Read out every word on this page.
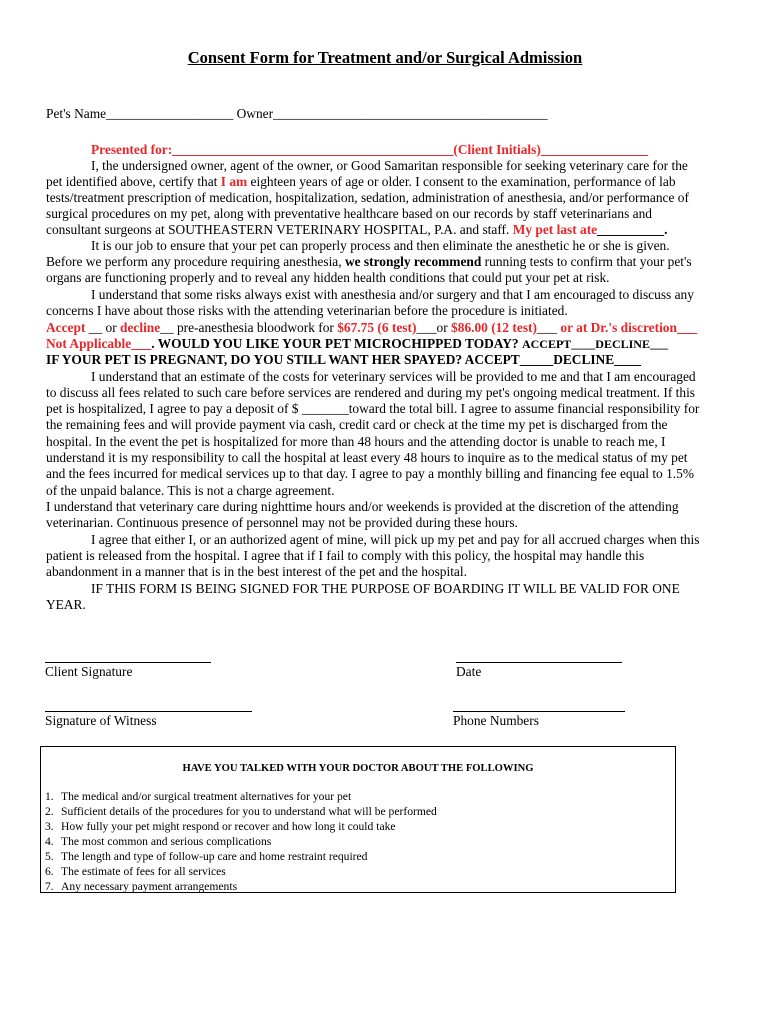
Consent Form for Treatment and/or Surgical Admission
Pet's Name___________________ Owner_________________________________________
Presented for:__________________________________________(Client Initials)________________
I, the undersigned owner, agent of the owner, or Good Samaritan responsible for seeking veterinary care for the
pet identified above, certify that I am eighteen years of age or older. I consent to the examination, performance of lab
tests/treatment prescription of medication, hospitalization, sedation, administration of anesthesia, and/or performance of
surgical procedures on my pet, along with preventative healthcare based on our records by staff veterinarians and
consultant surgeons at SOUTHEASTERN VETERINARY HOSPITAL, P.A. and staff. My pet last ate__________.
It is our job to ensure that your pet can properly process and then eliminate the anesthetic he or she is given.
Before we perform any procedure requiring anesthesia, we strongly recommend running tests to confirm that your pet's
organs are functioning properly and to reveal any hidden health conditions that could put your pet at risk.
I understand that some risks always exist with anesthesia and/or surgery and that I am encouraged to discuss any
concerns I have about those risks with the attending veterinarian before the procedure is initiated.
Accept __ or decline__ pre-anesthesia bloodwork for $67.75 (6 test)___or $86.00 (12 test)___ or at Dr.'s discretion___
Not Applicable___. WOULD YOU LIKE YOUR PET MICROCHIPPED TODAY? ACCEPT____DECLINE___
IF YOUR PET IS PREGNANT, DO YOU STILL WANT HER SPAYED? ACCEPT_____DECLINE____
I understand that an estimate of the costs for veterinary services will be provided to me and that I am encouraged
to discuss all fees related to such care before services are rendered and during my pet's ongoing medical treatment. If this
pet is hospitalized, I agree to pay a deposit of $ _______toward the total bill. I agree to assume financial responsibility for
the remaining fees and will provide payment via cash, credit card or check at the time my pet is discharged from the
hospital. In the event the pet is hospitalized for more than 48 hours and the attending doctor is unable to reach me, I
understand it is my responsibility to call the hospital at least every 48 hours to inquire as to the medical status of my pet
and the fees incurred for medical services up to that day. I agree to pay a monthly billing and financing fee equal to 1.5%
of the unpaid balance. This is not a charge agreement.
I understand that veterinary care during nighttime hours and/or weekends is provided at the discretion of the attending
veterinarian. Continuous presence of personnel may not be provided during these hours.
I agree that either I, or an authorized agent of mine, will pick up my pet and pay for all accrued charges when this
patient is released from the hospital. I agree that if I fail to comply with this policy, the hospital may handle this
abandonment in a manner that is in the best interest of the pet and the hospital.
IF THIS FORM IS BEING SIGNED FOR THE PURPOSE OF BOARDING IT WILL BE VALID FOR ONE
YEAR.
Client Signature	Date
Signature of Witness	Phone Numbers
HAVE YOU TALKED WITH YOUR DOCTOR ABOUT THE FOLLOWING
1. The medical and/or surgical treatment alternatives for your pet
2. Sufficient details of the procedures for you to understand what will be performed
3. How fully your pet might respond or recover and how long it could take
4. The most common and serious complications
5. The length and type of follow-up care and home restraint required
6. The estimate of fees for all services
7. Any necessary payment arrangements
